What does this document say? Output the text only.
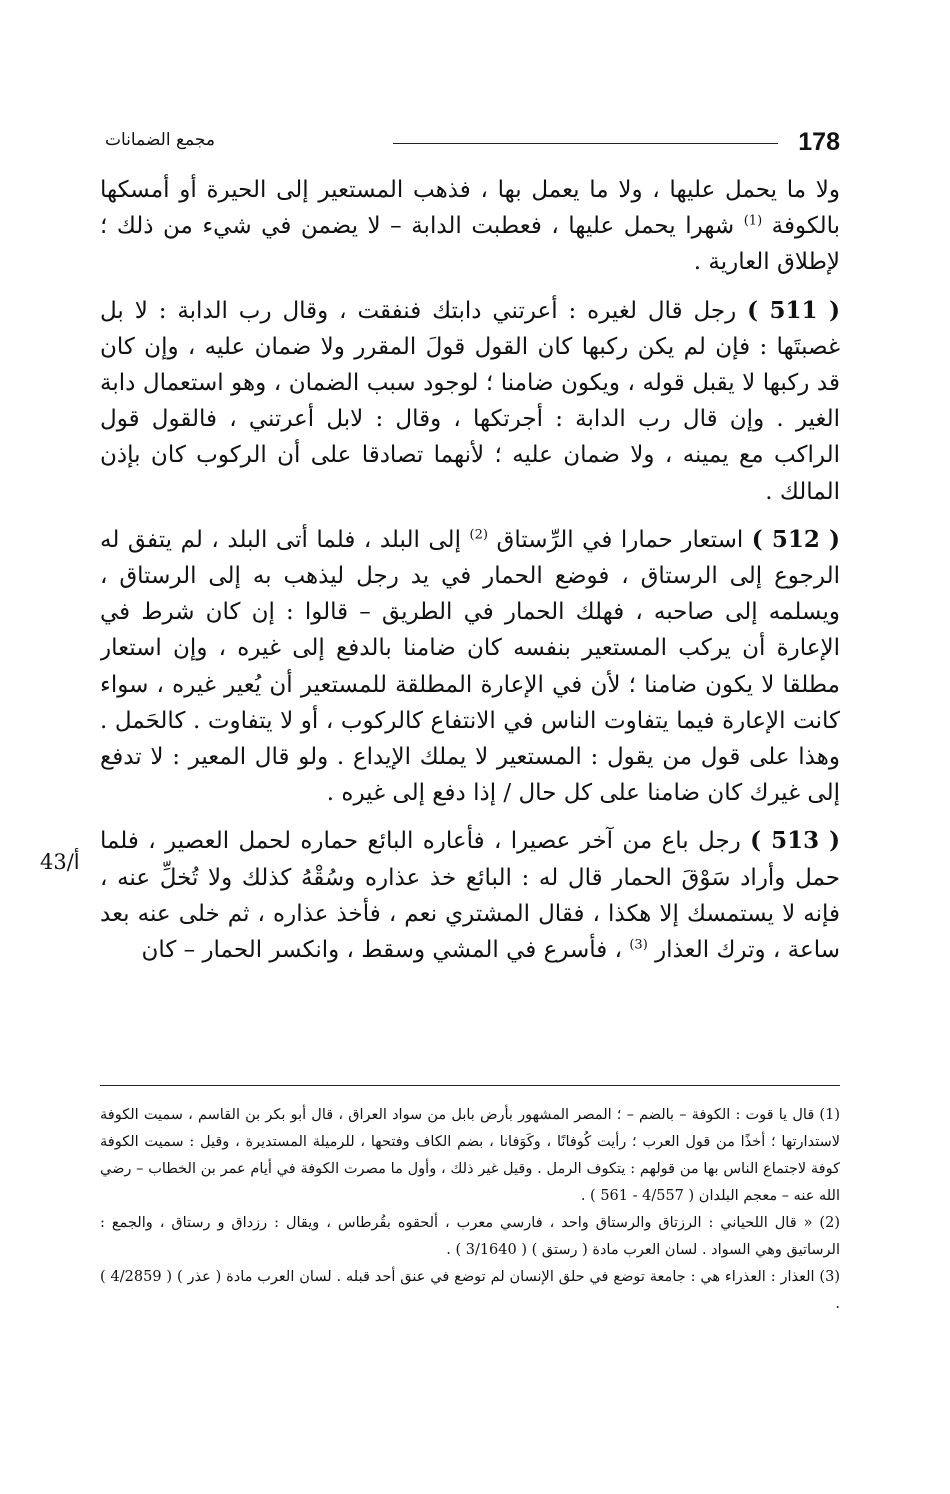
178
مجمع الضمانات

ولا ما يحمل عليها ، ولا ما يعمل بها ، فذهب المستعير إلى الحيرة أو أمسكها بالكوفة $^{(1)}$ شهرا يحمل عليها ، فعطبت الدابة – لا يضمن في شيء من ذلك ؛ لإطلاق العارية .

( 511 ) رجل قال لغيره : أعرتني دابتك فنفقت ، وقال رب الدابة : لا بل غصبتَها : فإن لم يكن ركبها كان القول قولَ المقرر ولا ضمان عليه ، وإن كان قد ركبها لا يقبل قوله ، ويكون ضامنا ؛ لوجود سبب الضمان ، وهو استعمال دابة الغير . وإن قال رب الدابة : أجرتكها ، وقال : لابل أعرتني ، فالقول قول الراكب مع يمينه ، ولا ضمان عليه ؛ لأنهما تصادقا على أن الركوب كان بإذن المالك .

( 512 ) استعار حمارا في الرِّستاق $^{(2)}$ إلى البلد ، فلما أتى البلد ، لم يتفق له الرجوع إلى الرستاق ، فوضع الحمار في يد رجل ليذهب به إلى الرستاق ، ويسلمه إلى صاحبه ، فهلك الحمار في الطريق – قالوا : إن كان شرط في الإعارة أن يركب المستعير بنفسه كان ضامنا بالدفع إلى غيره ، وإن استعار مطلقا لا يكون ضامنا ؛ لأن في الإعارة المطلقة للمستعير أن يُعير غيره ، سواء كانت الإعارة فيما يتفاوت الناس في الانتفاع كالركوب ، أو لا يتفاوت . كالحَمل . وهذا على قول من يقول : المستعير لا يملك الإيداع . ولو قال المعير : لا تدفع إلى غيرك كان ضامنا على كل حال / إذا دفع إلى غيره .

( 513 ) رجل باع من آخر عصيرا ، فأعاره البائع حماره لحمل العصير ، فلما حمل وأراد سَوْقَ الحمار قال له : البائع خذ عذاره وسُقْهُ كذلك ولا تُخلِّ عنه ، فإنه لا يستمسك إلا هكذا ، فقال المشتري نعم ، فأخذ عذاره ، ثم خلى عنه بعد ساعة ، وترك العذار $^{(3)}$ ، فأسرع في المشي وسقط ، وانكسر الحمار – كان

43/أ

(1) قال يا قوت : الكوفة – بالضم – ؛ المصر المشهور بأرض بابل من سواد العراق ، قال أبو بكر بن القاسم ، سميت الكوفة لاستدارتها ؛ أخذًا من قول العرب ؛ رأيت كُوفانًا ، وكَوَفانا ، بضم الكاف وفتحها ، للرميلة المستديرة ، وقيل : سميت الكوفة كوفة لاجتماع الناس بها من قولهم : يتكوف الرمل . وقيل غير ذلك ، وأول ما مصرت الكوفة في أيام عمر بن الخطاب – رضي الله عنه – معجم البلدان ( 4/557 - 561 ) .

(2) « قال اللحياني : الرزتاق والرستاق واحد ، فارسي معرب ، ألحقوه بقُرطاس ، ويقال : رزداق و رستاق ، والجمع : الرساتيق وهي السواد . لسان العرب مادة ( رستق ) ( 3/1640 ) .

(3) العذار : العذراء هي : جامعة توضع في حلق الإنسان لم توضع في عنق أحد قبله . لسان العرب مادة ( عذر ) ( 4/2859 ) .
